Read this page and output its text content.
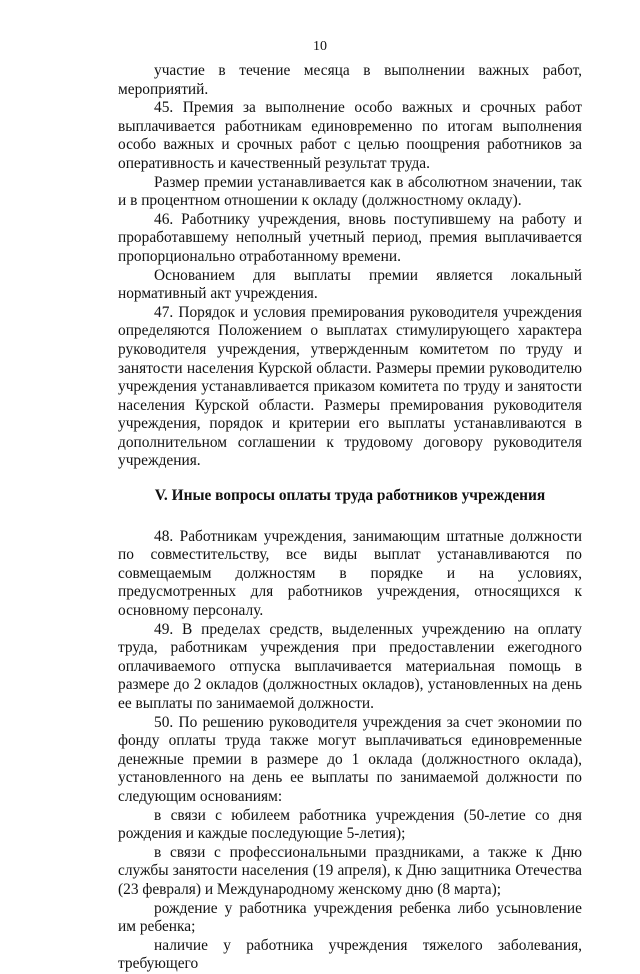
10

участие в течение месяца в выполнении важных работ, мероприятий.

45. Премия за выполнение особо важных и срочных работ выплачивается работникам единовременно по итогам выполнения особо важных и срочных работ с целью поощрения работников за оперативность и качественный результат труда.

Размер премии устанавливается как в абсолютном значении, так и в процентном отношении к окладу (должностному окладу).

46. Работнику учреждения, вновь поступившему на работу и проработавшему неполный учетный период, премия выплачивается пропорционально отработанному времени.

Основанием для выплаты премии является локальный нормативный акт учреждения.

47. Порядок и условия премирования руководителя учреждения определяются Положением о выплатах стимулирующего характера руководителя учреждения, утвержденным комитетом по труду и занятости населения Курской области. Размеры премии руководителю учреждения устанавливается приказом комитета по труду и занятости населения Курской области. Размеры премирования руководителя учреждения, порядок и критерии его выплаты устанавливаются в дополнительном соглашении к трудовому договору руководителя учреждения.

V. Иные вопросы оплаты труда работников учреждения

48. Работникам учреждения, занимающим штатные должности по совместительству, все виды выплат устанавливаются по совмещаемым должностям в порядке и на условиях, предусмотренных для работников учреждения, относящихся к основному персоналу.

49. В пределах средств, выделенных учреждению на оплату труда, работникам учреждения при предоставлении ежегодного оплачиваемого отпуска выплачивается материальная помощь в размере до 2 окладов (должностных окладов), установленных на день ее выплаты по занимаемой должности.

50. По решению руководителя учреждения за счет экономии по фонду оплаты труда также могут выплачиваться единовременные денежные премии в размере до 1 оклада (должностного оклада), установленного на день ее выплаты по занимаемой должности по следующим основаниям:

в связи с юбилеем работника учреждения (50-летие со дня рождения и каждые последующие 5-летия);

в связи с профессиональными праздниками, а также к Дню службы занятости населения (19 апреля), к Дню защитника Отечества (23 февраля) и Международному женскому дню (8 марта);

рождение у работника учреждения ребенка либо усыновление им ребенка;

наличие у работника учреждения тяжелого заболевания, требующего
